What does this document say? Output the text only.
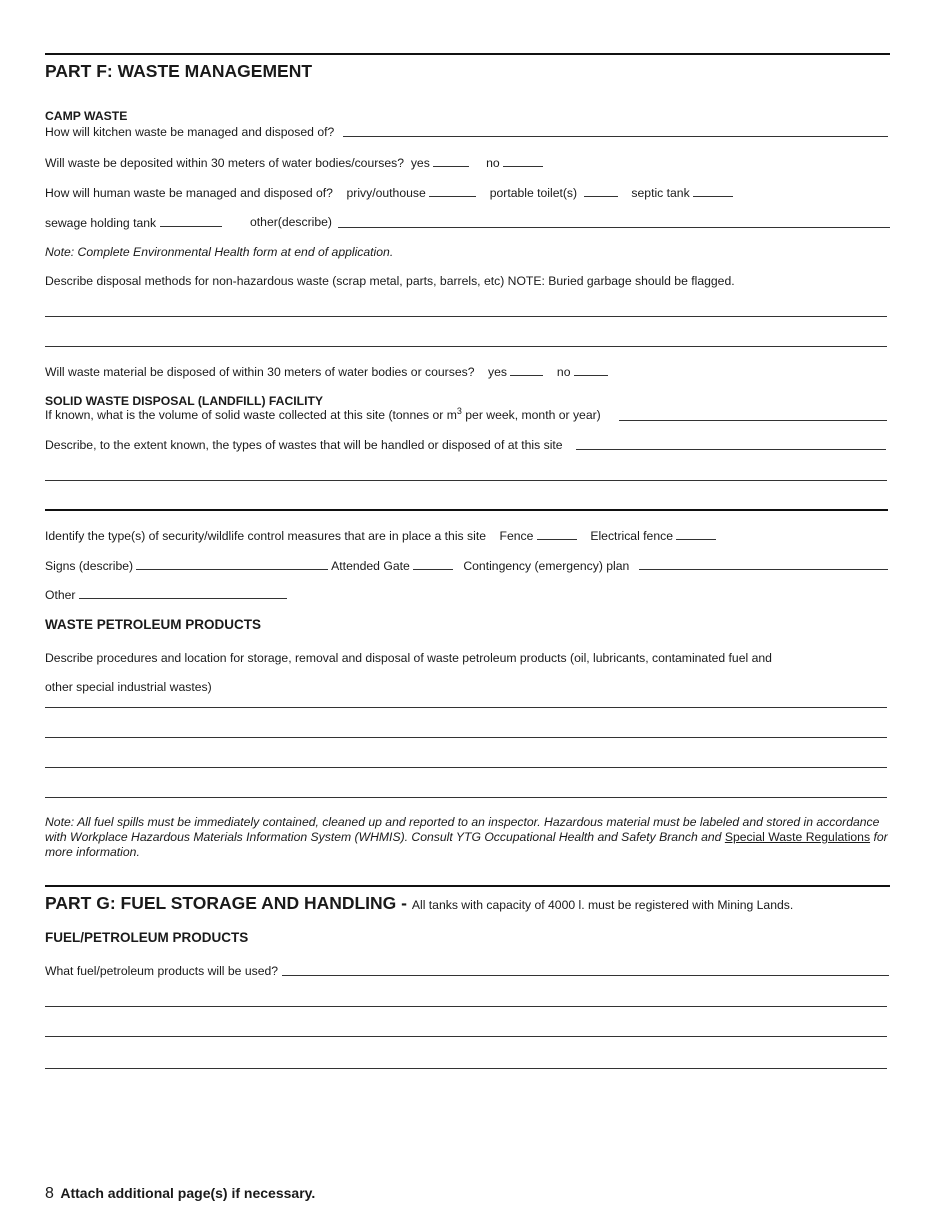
PART F: WASTE MANAGEMENT
CAMP WASTE
How will kitchen waste be managed and disposed of?
Will waste be deposited within 30 meters of water bodies/courses? yes	no
How will human waste be managed and disposed of? privy/outhouse	portable toilet(s)	septic tank
sewage holding tank	other(describe)
Note: Complete Environmental Health form at end of application.
Describe disposal methods for non-hazardous waste (scrap metal, parts, barrels, etc) NOTE: Buried garbage should be flagged.
Will waste material be disposed of within 30 meters of water bodies or courses? yes	no
SOLID WASTE DISPOSAL (LANDFILL) FACILITY
If known, what is the volume of solid waste collected at this site (tonnes or $m^3$ per week, month or year)
Describe, to the extent known, the types of wastes that will be handled or disposed of at this site
Identify the type(s) of security/wildlife control measures that are in place a this site Fence	Electrical fence
Signs (describe)	Attended Gate	Contingency (emergency) plan
Other
WASTE PETROLEUM PRODUCTS
Describe procedures and location for storage, removal and disposal of waste petroleum products (oil, lubricants, contaminated fuel and
other special industrial wastes)
Note: All fuel spills must be immediately contained, cleaned up and reported to an inspector. Hazardous material must be labeled and stored in accordance with Workplace Hazardous Materials Information System (WHMIS). Consult YTG Occupational Health and Safety Branch and Special Waste Regulations for more information.
PART G: FUEL STORAGE AND HANDLING - All tanks with capacity of 4000 l. must be registered with Mining Lands.
FUEL/PETROLEUM PRODUCTS
What fuel/petroleum products will be used?
8 Attach additional page(s) if necessary.
